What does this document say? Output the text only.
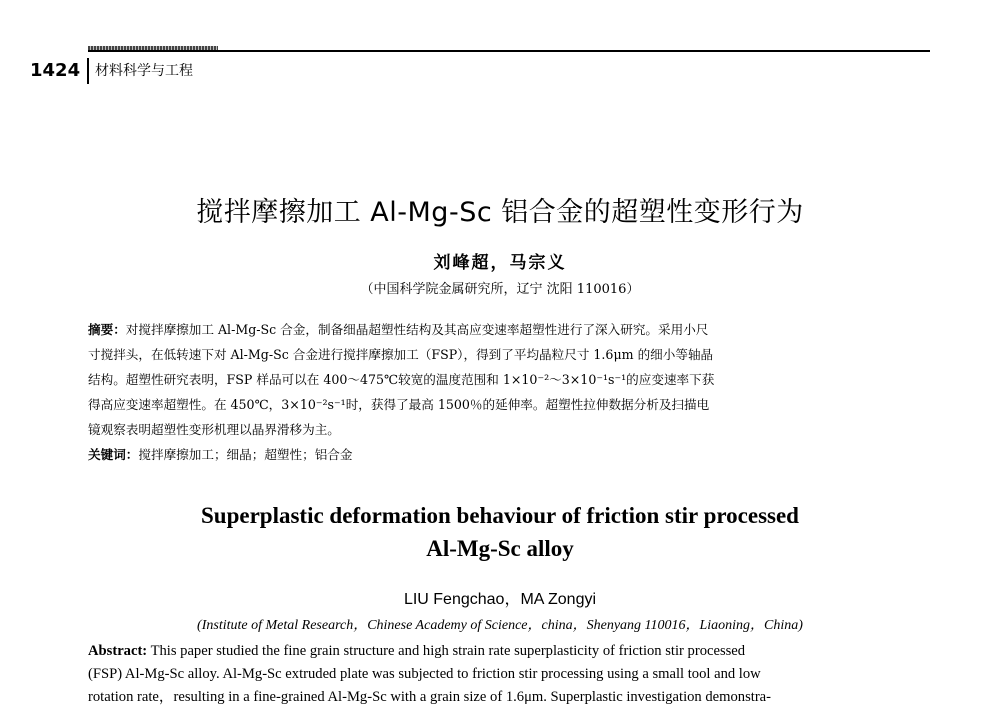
1424 材料科学与工程
搅拌摩擦加工 Al-Mg-Sc 铝合金的超塑性变形行为
刘峰超，马宗义
（中国科学院金属研究所，辽宁 沈阳 110016）
摘要：对搅拌摩擦加工 Al-Mg-Sc 合金，制备细晶超塑性结构及其高应变速率超塑性进行了深入研究。采用小尺
寸搅拌头，在低转速下对 Al-Mg-Sc 合金进行搅拌摩擦加工（FSP），得到了平均晶粒尺寸 1.6μm 的细小等轴晶
结构。超塑性研究表明，FSP 样品可以在 400～475℃较宽的温度范围和 1×10⁻²～3×10⁻¹s⁻¹的应变速率下获
得高应变速率超塑性。在 450℃，3×10⁻²s⁻¹时，获得了最高 1500％的延伸率。超塑性拉伸数据分析及扫描电
镜观察表明超塑性变形机理以晶界滑移为主。
关键词：搅拌摩擦加工；细晶；超塑性；铝合金
Superplastic deformation behaviour of friction stir processed
Al-Mg-Sc alloy
LIU Fengchao，MA Zongyi
(Institute of Metal Research，Chinese Academy of Science，china，Shenyang 110016，Liaoning，China)
Abstract: This paper studied the fine grain structure and high strain rate superplasticity of friction stir processed
(FSP) Al-Mg-Sc alloy. Al-Mg-Sc extruded plate was subjected to friction stir processing using a small tool and low
rotation rate，resulting in a fine-grained Al-Mg-Sc with a grain size of 1.6μm. Superplastic investigation demonstra-
